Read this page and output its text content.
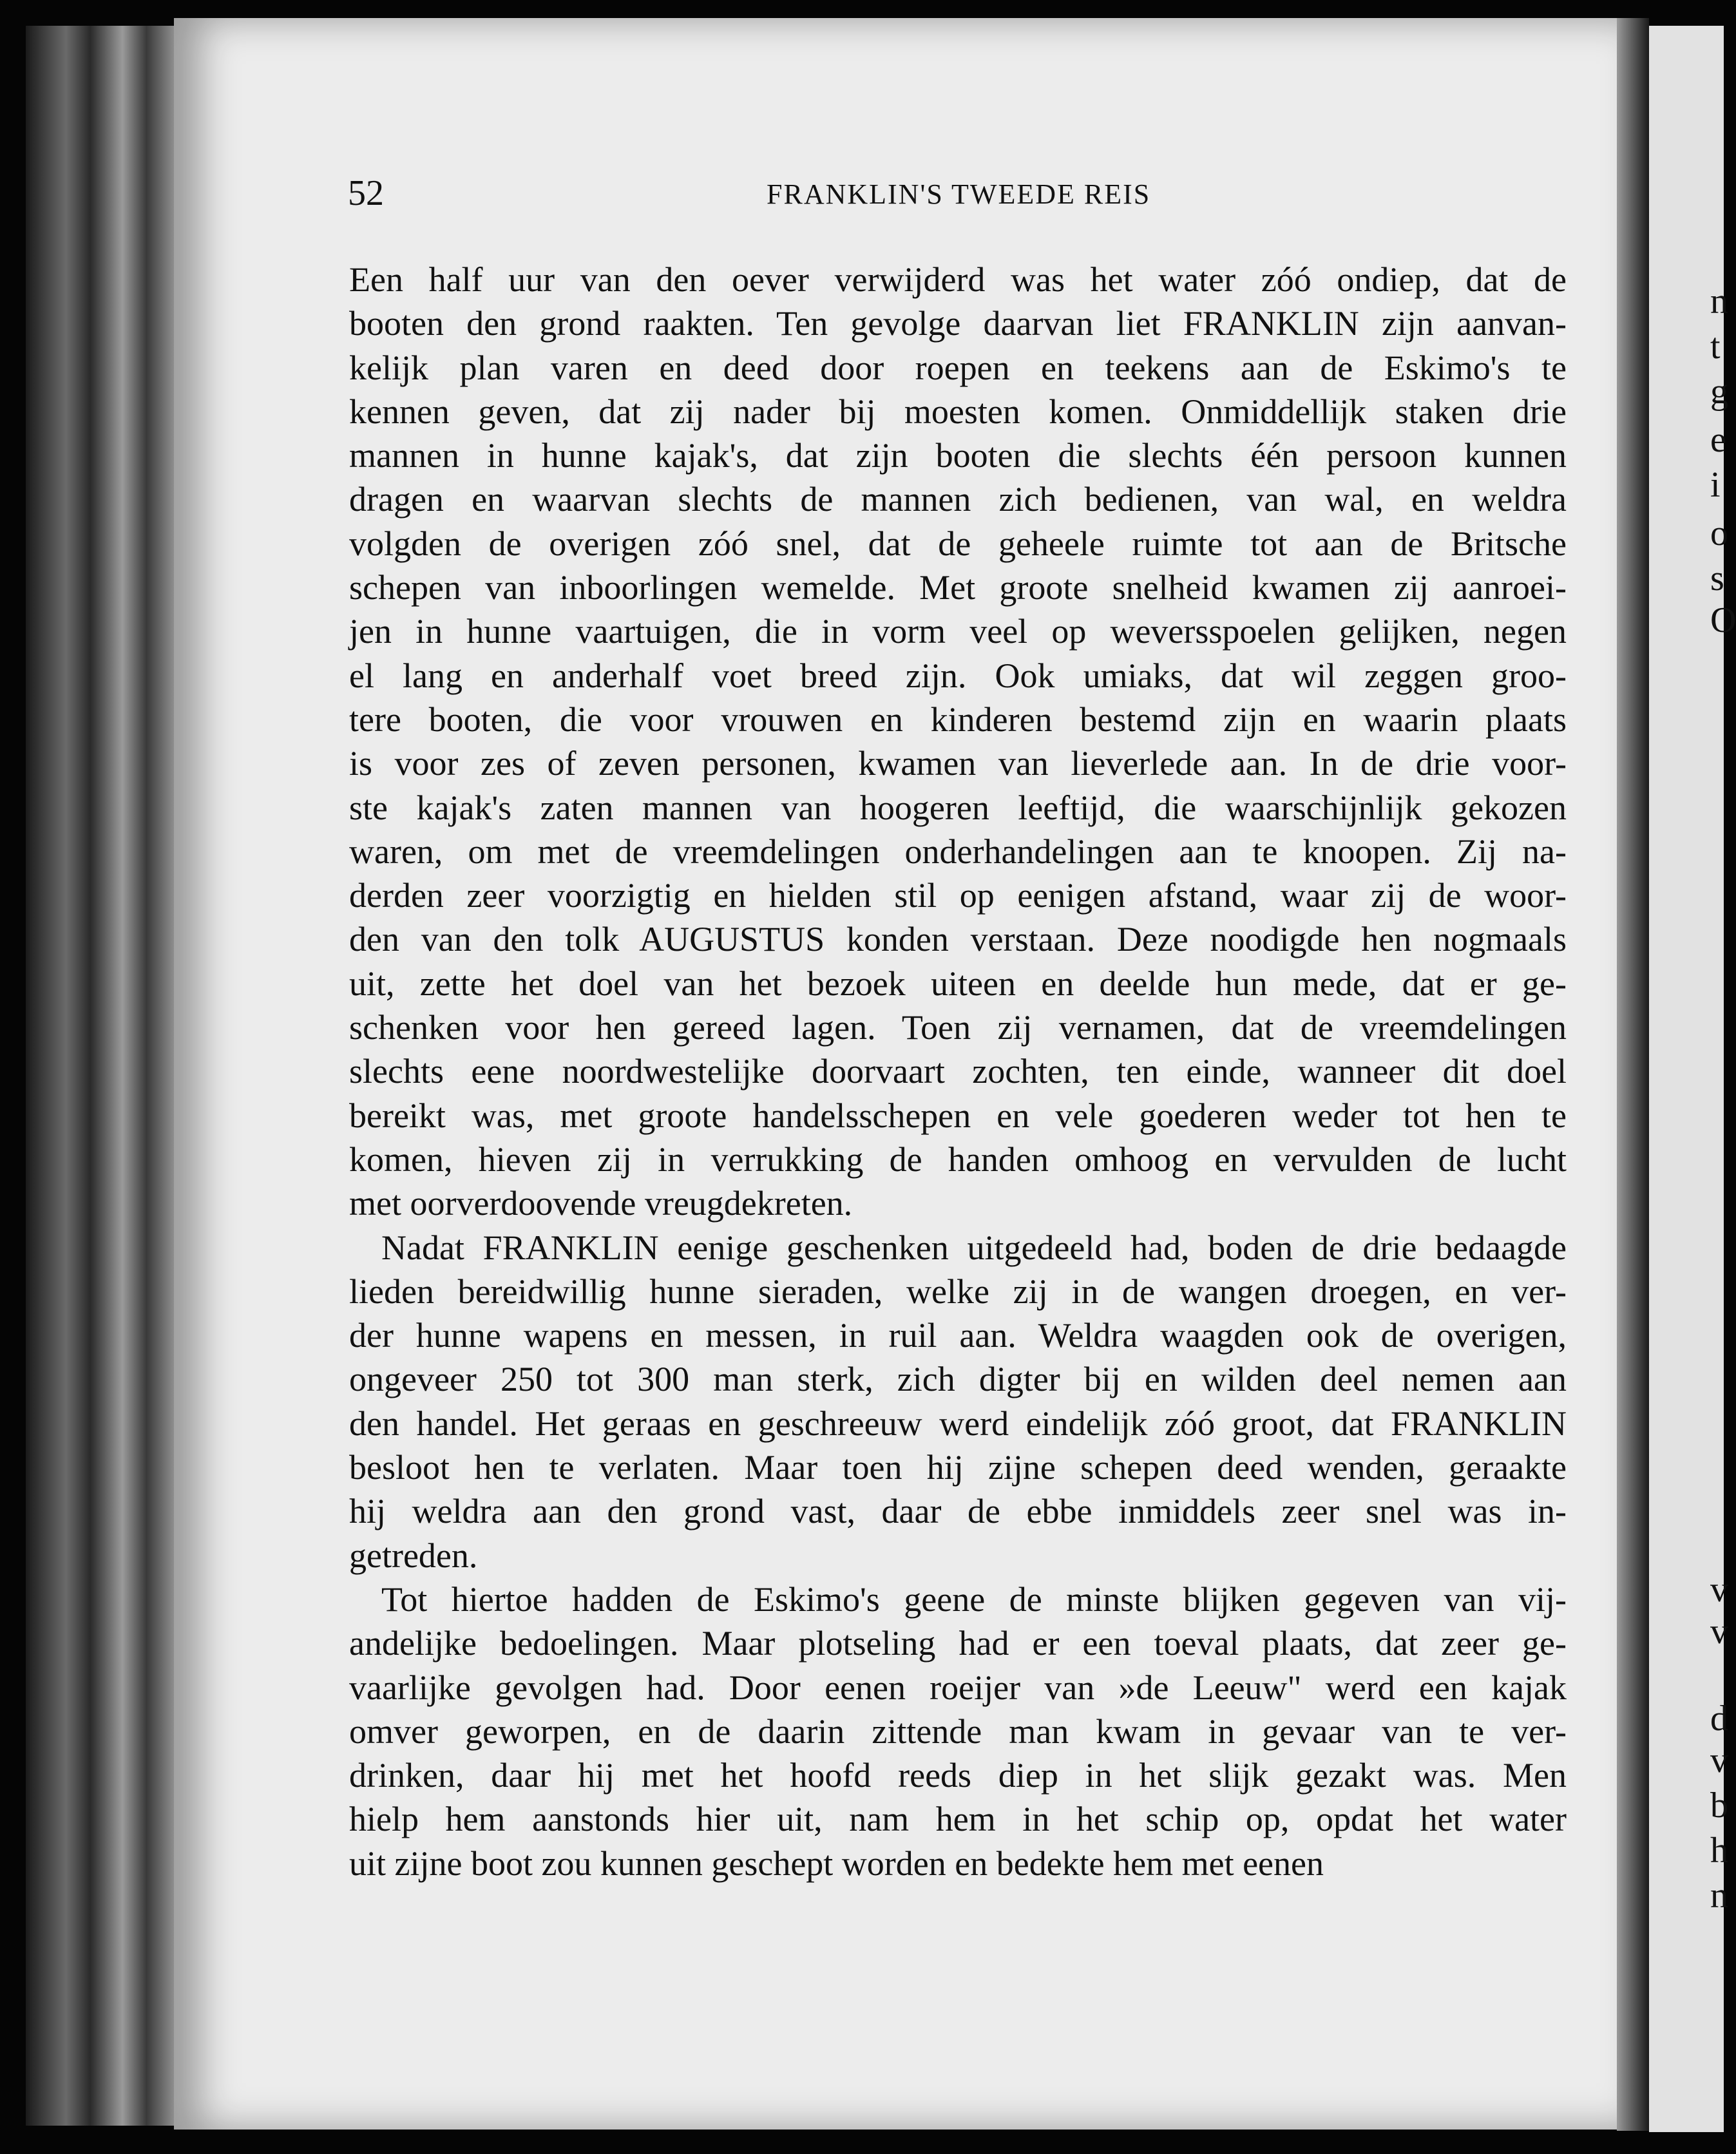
n
t
g
e
i
o
s
O
v
v
d
v
b
h
n
52	FRANKLIN'S TWEEDE REIS
Een half uur van den oever verwijderd was het water zóó ondiep, dat de
booten den grond raakten. Ten gevolge daarvan liet FRANKLIN zijn aanvan-
kelijk plan varen en deed door roepen en teekens aan de Eskimo's te
kennen geven, dat zij nader bij moesten komen. Onmiddellijk staken drie
mannen in hunne kajak's, dat zijn booten die slechts één persoon kunnen
dragen en waarvan slechts de mannen zich bedienen, van wal, en weldra
volgden de overigen zóó snel, dat de geheele ruimte tot aan de Britsche
schepen van inboorlingen wemelde. Met groote snelheid kwamen zij aanroei-
jen in hunne vaartuigen, die in vorm veel op weversspoelen gelijken, negen
el lang en anderhalf voet breed zijn. Ook umiaks, dat wil zeggen groo-
tere booten, die voor vrouwen en kinderen bestemd zijn en waarin plaats
is voor zes of zeven personen, kwamen van lieverlede aan. In de drie voor-
ste kajak's zaten mannen van hoogeren leeftijd, die waarschijnlijk gekozen
waren, om met de vreemdelingen onderhandelingen aan te knoopen. Zij na-
derden zeer voorzigtig en hielden stil op eenigen afstand, waar zij de woor-
den van den tolk AUGUSTUS konden verstaan. Deze noodigde hen nogmaals
uit, zette het doel van het bezoek uiteen en deelde hun mede, dat er ge-
schenken voor hen gereed lagen. Toen zij vernamen, dat de vreemdelingen
slechts eene noordwestelijke doorvaart zochten, ten einde, wanneer dit doel
bereikt was, met groote handelsschepen en vele goederen weder tot hen te
komen, hieven zij in verrukking de handen omhoog en vervulden de lucht
met oorverdoovende vreugdekreten.
Nadat FRANKLIN eenige geschenken uitgedeeld had, boden de drie bedaagde
lieden bereidwillig hunne sieraden, welke zij in de wangen droegen, en ver-
der hunne wapens en messen, in ruil aan. Weldra waagden ook de overigen,
ongeveer 250 tot 300 man sterk, zich digter bij en wilden deel nemen aan
den handel. Het geraas en geschreeuw werd eindelijk zóó groot, dat FRANKLIN
besloot hen te verlaten. Maar toen hij zijne schepen deed wenden, geraakte
hij weldra aan den grond vast, daar de ebbe inmiddels zeer snel was in-
getreden.
Tot hiertoe hadden de Eskimo's geene de minste blijken gegeven van vij-
andelijke bedoelingen. Maar plotseling had er een toeval plaats, dat zeer ge-
vaarlijke gevolgen had. Door eenen roeijer van »de Leeuw" werd een kajak
omver geworpen, en de daarin zittende man kwam in gevaar van te ver-
drinken, daar hij met het hoofd reeds diep in het slijk gezakt was. Men
hielp hem aanstonds hier uit, nam hem in het schip op, opdat het water
uit zijne boot zou kunnen geschept worden en bedekte hem met eenen
